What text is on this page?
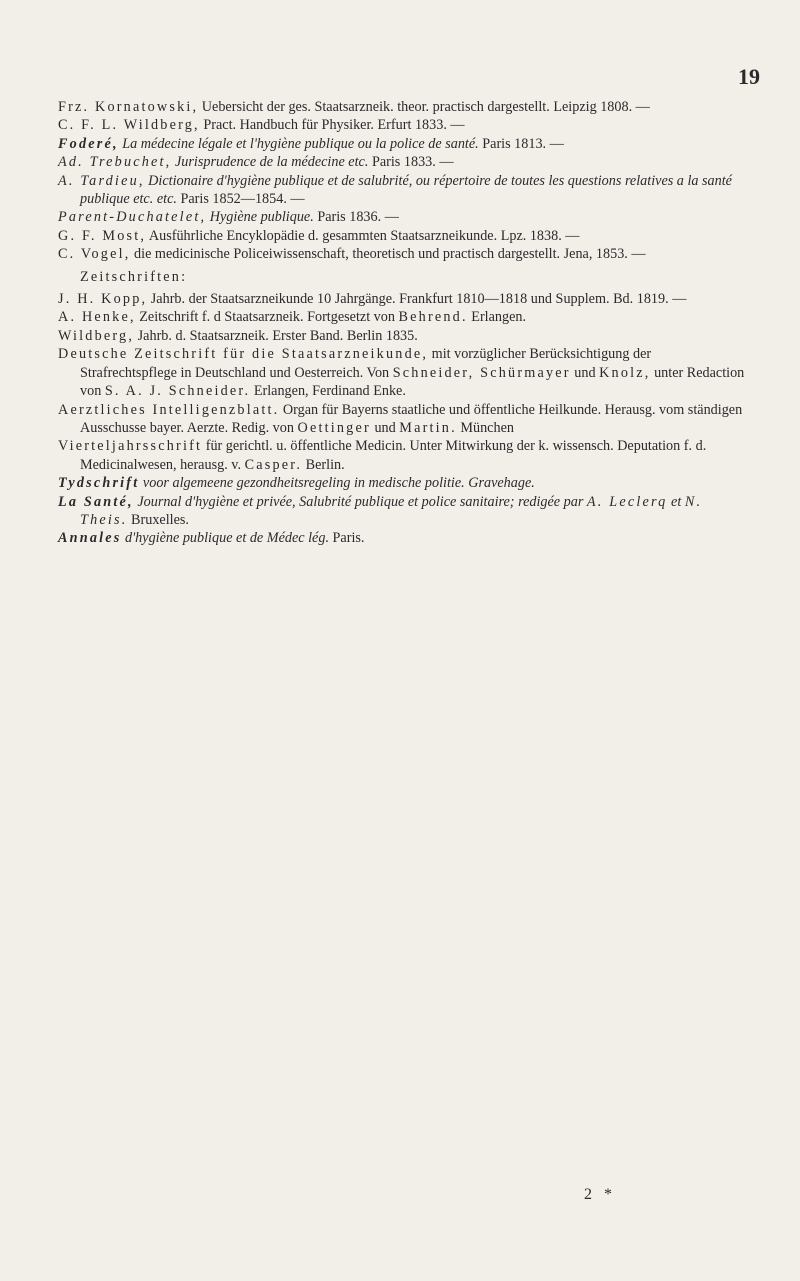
19

Frz. Kornatowski, Uebersicht der ges. Staatsarzneik. theor. practisch dargestellt. Leipzig 1808. —

C. F. L. Wildberg, Pract. Handbuch für Physiker. Erfurt 1833. —

Foderé, La médecine légale et l'hygiène publique ou la police de santé. Paris 1813. —

Ad. Trebuchet, Jurisprudence de la médecine etc. Paris 1833. —

A. Tardieu, Dictionaire d'hygiène publique et de salubrité, ou répertoire de toutes les questions relatives a la santé publique etc. etc. Paris 1852—1854. —

Parent-Duchatelet, Hygiène publique. Paris 1836. —

G. F. Most, Ausführliche Encyklopädie d. gesammten Staatsarzneikunde. Lpz. 1838. —

C. Vogel, die medicinische Policeiwissenschaft, theoretisch und practisch dargestellt. Jena, 1853. —

Zeitschriften:

J. H. Kopp, Jahrb. der Staatsarzneikunde 10 Jahrgänge. Frankfurt 1810—1818 und Supplem. Bd. 1819. —

A. Henke, Zeitschrift f. d Staatsarzneik. Fortgesetzt von Behrend. Erlangen.

Wildberg, Jahrb. d. Staatsarzneik. Erster Band. Berlin 1835.

Deutsche Zeitschrift für die Staatsarzneikunde, mit vorzüglicher Berücksichtigung der Strafrechtspflege in Deutschland und Oesterreich. Von Schneider, Schürmayer und Knolz, unter Redaction von S. A. J. Schneider. Erlangen, Ferdinand Enke.

Aerztliches Intelligenzblatt. Organ für Bayerns staatliche und öffentliche Heilkunde. Herausg. vom ständigen Ausschusse bayer. Aerzte. Redig. von Oettinger und Martin. München

Vierteljahrsschrift für gerichtl. u. öffentliche Medicin. Unter Mitwirkung der k. wissensch. Deputation f. d. Medicinalwesen, herausg. v. Casper. Berlin.

Tydschrift voor algemeene gezondheitsregeling in medische politie. Gravehage.

La Santé, Journal d'hygiène et privée, Salubrité publique et police sanitaire; redigée par A. Leclerq et N. Theis. Bruxelles.

Annales d'hygiène publique et de Médec lég. Paris.

2 *
